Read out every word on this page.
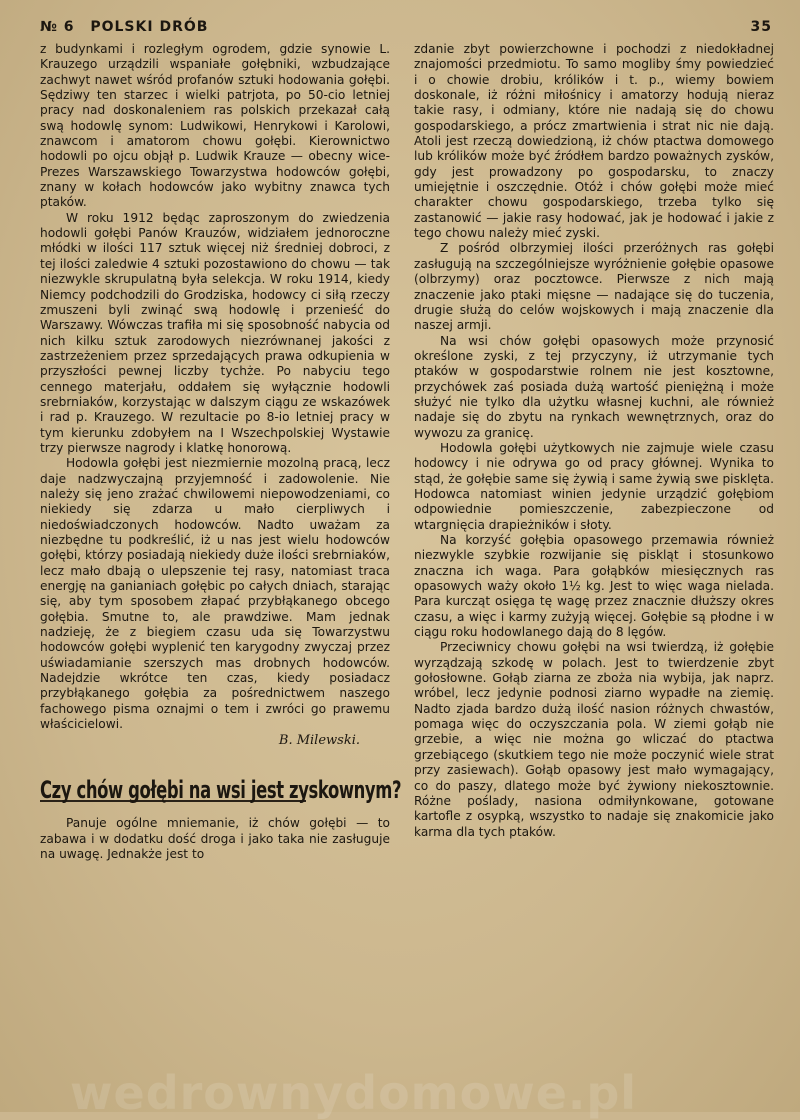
№ 6 POLSKI DRÓB	35

z budynkami i rozległym ogrodem, gdzie synowie L. Krauzego urządzili wspaniałe gołębniki, wzbudzające zachwyt nawet wśród profanów sztuki hodowania gołębi. Sędziwy ten starzec i wielki patrjota, po 50-cio letniej pracy nad doskonaleniem ras polskich przekazał całą swą hodowlę synom: Ludwikowi, Henrykowi i Karolowi, znawcom i amatorom chowu gołębi. Kierownictwo hodowli po ojcu objął p. Ludwik Krauze — obecny wice-Prezes Warszawskiego Towarzystwa hodowców gołębi, znany w kołach hodowców jako wybitny znawca tych ptaków.

W roku 1912 będąc zaproszonym do zwiedzenia hodowli gołębi Panów Krauzów, widziałem jednoroczne młódki w ilości 117 sztuk więcej niż średniej dobroci, z tej ilości zaledwie 4 sztuki pozostawiono do chowu — tak niezwykle skrupulatną była selekcja. W roku 1914, kiedy Niemcy podchodzili do Grodziska, hodowcy ci siłą rzeczy zmuszeni byli zwinąć swą hodowlę i przenieść do Warszawy. Wówczas trafiła mi się sposobność nabycia od nich kilku sztuk zarodowych niezrównanej jakości z zastrzeżeniem przez sprzedających prawa odkupienia w przyszłości pewnej liczby tychże. Po nabyciu tego cennego materjału, oddałem się wyłącznie hodowli srebrniaków, korzystając w dalszym ciągu ze wskazówek i rad p. Krauzego. W rezultacie po 8-io letniej pracy w tym kierunku zdobyłem na I Wszechpolskiej Wystawie trzy pierwsze nagrody i klatkę honorową.

Hodowla gołębi jest niezmiernie mozolną pracą, lecz daje nadzwyczajną przyjemność i zadowolenie. Nie należy się jeno zrażać chwilowemi niepowodzeniami, co niekiedy się zdarza u mało cierpliwych i niedoświadczonych hodowców. Nadto uważam za niezbędne tu podkreślić, iż u nas jest wielu hodowców gołębi, którzy posiadają niekiedy duże ilości srebrniaków, lecz mało dbają o ulepszenie tej rasy, natomiast traca energję na ganianiach gołębic po całych dniach, starając się, aby tym sposobem złapać przybłąkanego obcego gołębia. Smutne to, ale prawdziwe. Mam jednak nadzieję, że z biegiem czasu uda się Towarzystwu hodowców gołębi wyplenić ten karygodny zwyczaj przez uświadamianie szerszych mas drobnych hodowców. Nadejdzie wkrótce ten czas, kiedy posiadacz przybłąkanego gołębia za pośrednictwem naszego fachowego pisma oznajmi o tem i zwróci go prawemu właścicielowi.

B. Milewski.
Czy chów gołębi na wsi jest zyskownym?

Panuje ogólne mniemanie, iż chów gołębi — to zabawa i w dodatku dość droga i jako taka nie zasługuje na uwagę. Jednakże jest to

zdanie zbyt powierzchowne i pochodzi z niedokładnej znajomości przedmiotu. To samo mogliby śmy powiedzieć i o chowie drobiu, królików i t. p., wiemy bowiem doskonale, iż różni miłośnicy i amatorzy hodują nieraz takie rasy, i odmiany, które nie nadają się do chowu gospodarskiego, a prócz zmartwienia i strat nic nie dają. Atoli jest rzeczą dowiedzioną, iż chów ptactwa domowego lub królików może być źródłem bardzo poważnych zysków, gdy jest prowadzony po gospodarsku, to znaczy umiejętnie i oszczędnie. Otóż i chów gołębi może mieć charakter chowu gospodarskiego, trzeba tylko się zastanowić — jakie rasy hodować, jak je hodować i jakie z tego chowu należy mieć zyski.

Z pośród olbrzymiej ilości przeróżnych ras gołębi zasługują na szczególniejsze wyróżnienie gołębie opasowe (olbrzymy) oraz pocztowce. Pierwsze z nich mają znaczenie jako ptaki mięsne — nadające się do tuczenia, drugie służą do celów wojskowych i mają znaczenie dla naszej armji.

Na wsi chów gołębi opasowych może przynosić określone zyski, z tej przyczyny, iż utrzymanie tych ptaków w gospodarstwie rolnem nie jest kosztowne, przychówek zaś posiada dużą wartość pieniężną i może służyć nie tylko dla użytku własnej kuchni, ale również nadaje się do zbytu na rynkach wewnętrznych, oraz do wywozu za granicę.

Hodowla gołębi użytkowych nie zajmuje wiele czasu hodowcy i nie odrywa go od pracy głównej. Wynika to stąd, że gołębie same się żywią i same żywią swe pisklęta. Hodowca natomiast winien jedynie urządzić gołębiom odpowiednie pomieszczenie, zabezpieczone od wtargnięcia drapieżników i słoty.

Na korzyść gołębia opasowego przemawia również niezwykle szybkie rozwijanie się piskląt i stosunkowo znaczna ich waga. Para gołąbków miesięcznych ras opasowych waży około 1½ kg. Jest to więc waga nielada. Para kurcząt osięga tę wagę przez znacznie dłuższy okres czasu, a więc i karmy zużyją więcej. Gołębie są płodne i w ciągu roku hodowlanego dają do 8 lęgów.

Przeciwnicy chowu gołębi na wsi twierdzą, iż gołębie wyrządzają szkodę w polach. Jest to twierdzenie zbyt gołosłowne. Gołąb ziarna ze zboża nia wybija, jak naprz. wróbel, lecz jedynie podnosi ziarno wypadłe na ziemię. Nadto zjada bardzo dużą ilość nasion różnych chwastów, pomaga więc do oczyszczania pola. W ziemi gołąb nie grzebie, a więc nie można go wliczać do ptactwa grzebiącego (skutkiem tego nie może poczynić wiele strat przy zasiewach). Gołąb opasowy jest mało wymagający, co do paszy, dlatego może być żywiony niekosztownie. Różne poślady, nasiona odmiłynkowane, gotowane kartofle z osypką, wszystko to nadaje się znakomicie jako karma dla tych ptaków.

wedrownydomowe.pl
